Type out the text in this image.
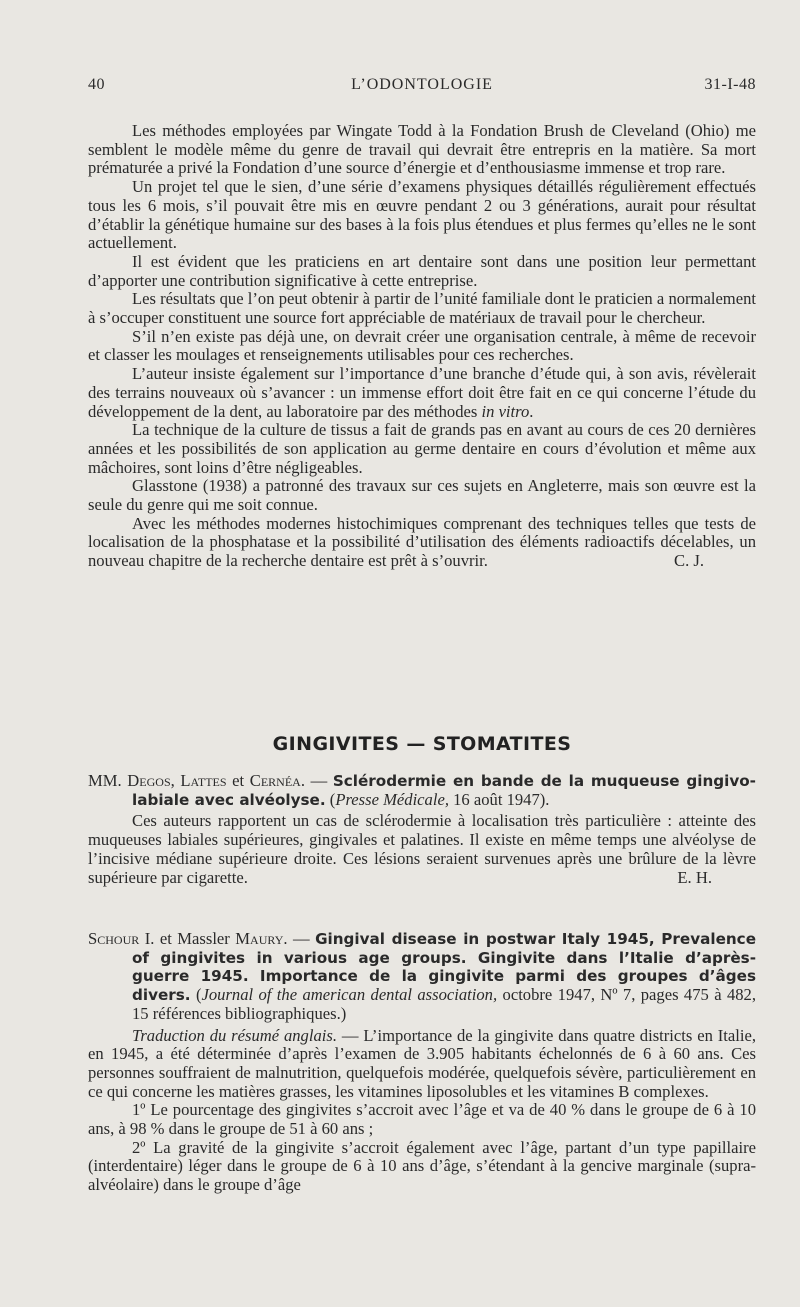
40	L’ODONTOLOGIE	31-I-48

Les méthodes employées par Wingate Todd à la Fondation Brush de Cleveland (Ohio) me semblent le modèle même du genre de travail qui devrait être entrepris en la matière. Sa mort prématurée a privé la Fondation d’une source d’énergie et d’enthousiasme immense et trop rare.

Un projet tel que le sien, d’une série d’examens physiques détaillés régulièrement effectués tous les 6 mois, s’il pouvait être mis en œuvre pendant 2 ou 3 générations, aurait pour résultat d’établir la génétique humaine sur des bases à la fois plus étendues et plus fermes qu’elles ne le sont actuellement.

Il est évident que les praticiens en art dentaire sont dans une position leur permettant d’apporter une contribution significative à cette entreprise.

Les résultats que l’on peut obtenir à partir de l’unité familiale dont le praticien a normalement à s’occuper constituent une source fort appréciable de matériaux de travail pour le chercheur.

S’il n’en existe pas déjà une, on devrait créer une organisation centrale, à même de recevoir et classer les moulages et renseignements utilisables pour ces recherches.

L’auteur insiste également sur l’importance d’une branche d’étude qui, à son avis, révèlerait des terrains nouveaux où s’avancer : un immense effort doit être fait en ce qui concerne l’étude du développement de la dent, au laboratoire par des méthodes in vitro.

La technique de la culture de tissus a fait de grands pas en avant au cours de ces 20 dernières années et les possibilités de son application au germe dentaire en cours d’évolution et même aux mâchoires, sont loins d’être négligeables.

Glasstone (1938) a patronné des travaux sur ces sujets en Angleterre, mais son œuvre est la seule du genre qui me soit connue.

Avec les méthodes modernes histochimiques comprenant des techniques telles que tests de localisation de la phosphatase et la possibilité d’utilisation des éléments radioactifs décelables, un nouveau chapitre de la recherche dentaire est prêt à s’ouvrir.	C. J.

GINGIVITES — STOMATITES

MM. Degos, Lattes et Cernéa. — Sclérodermie en bande de la muqueuse gingivo-labiale avec alvéolyse. (Presse Médicale, 16 août 1947).

Ces auteurs rapportent un cas de sclérodermie à localisation très particulière : atteinte des muqueuses labiales supérieures, gingivales et palatines. Il existe en même temps une alvéolyse de l’incisive médiane supérieure droite. Ces lésions seraient survenues après une brûlure de la lèvre supérieure par cigarette.	E. H.

Schour I. et Massler Maury. — Gingival disease in postwar Italy 1945, Prevalence of gingivites in various age groups. Gingivite dans l’Italie d’après-guerre 1945. Importance de la gingivite parmi des groupes d’âges divers. (Journal of the american dental association, octobre 1947, Nº 7, pages 475 à 482, 15 références bibliographiques.)

Traduction du résumé anglais. — L’importance de la gingivite dans quatre districts en Italie, en 1945, a été déterminée d’après l’examen de 3.905 habitants échelonnés de 6 à 60 ans. Ces personnes souffraient de malnutrition, quelquefois modérée, quelquefois sévère, particulièrement en ce qui concerne les matières grasses, les vitamines liposolubles et les vitamines B complexes.

1º Le pourcentage des gingivites s’accroit avec l’âge et va de 40 % dans le groupe de 6 à 10 ans, à 98 % dans le groupe de 51 à 60 ans ;

2º La gravité de la gingivite s’accroit également avec l’âge, partant d’un type papillaire (interdentaire) léger dans le groupe de 6 à 10 ans d’âge, s’étendant à la gencive marginale (supra-alvéolaire) dans le groupe d’âge
